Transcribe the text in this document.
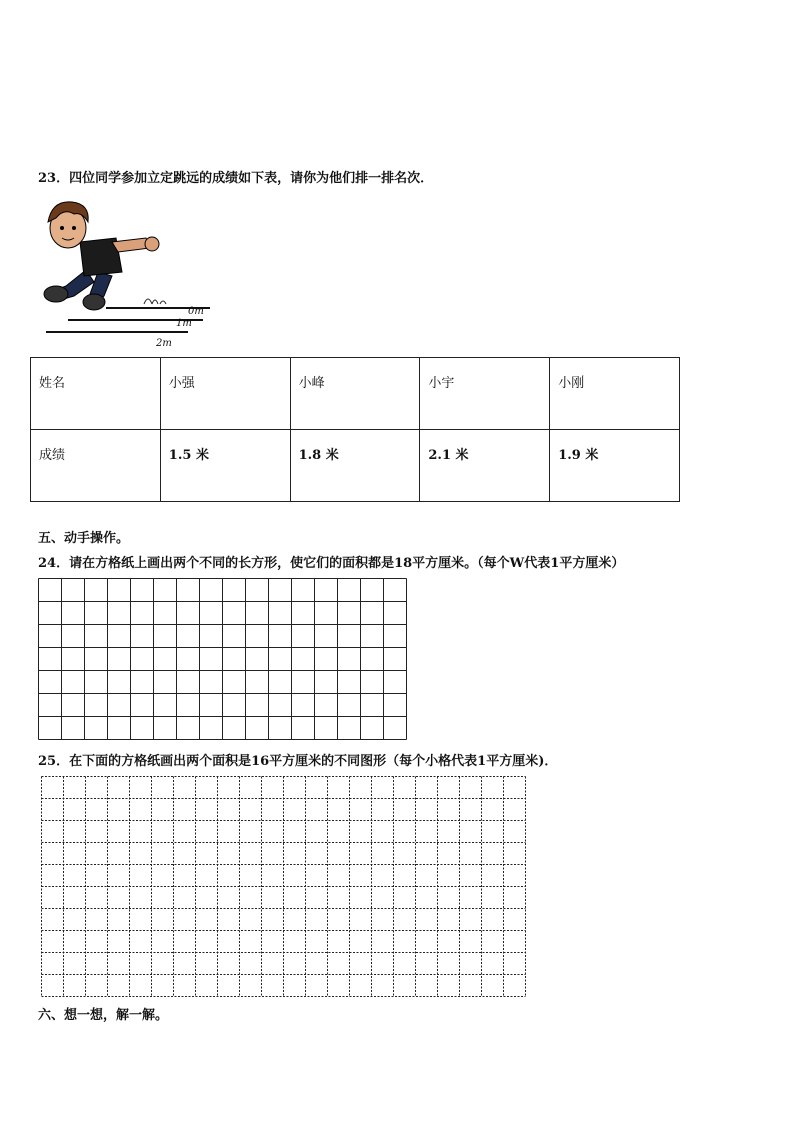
23．四位同学参加立定跳远的成绩如下表，请你为他们排一排名次．
0m
1m
2m
姓名	小强	小峰	小宇	小刚
成绩	1.5 米	1.8 米	2.1 米	1.9 米
五、动手操作。
24．请在方格纸上画出两个不同的长方形，使它们的面积都是18平方厘米。（每个W代表1平方厘米）
25．在下面的方格纸画出两个面积是16平方厘米的不同图形（每个小格代表1平方厘米)．
六、想一想，解一解。
